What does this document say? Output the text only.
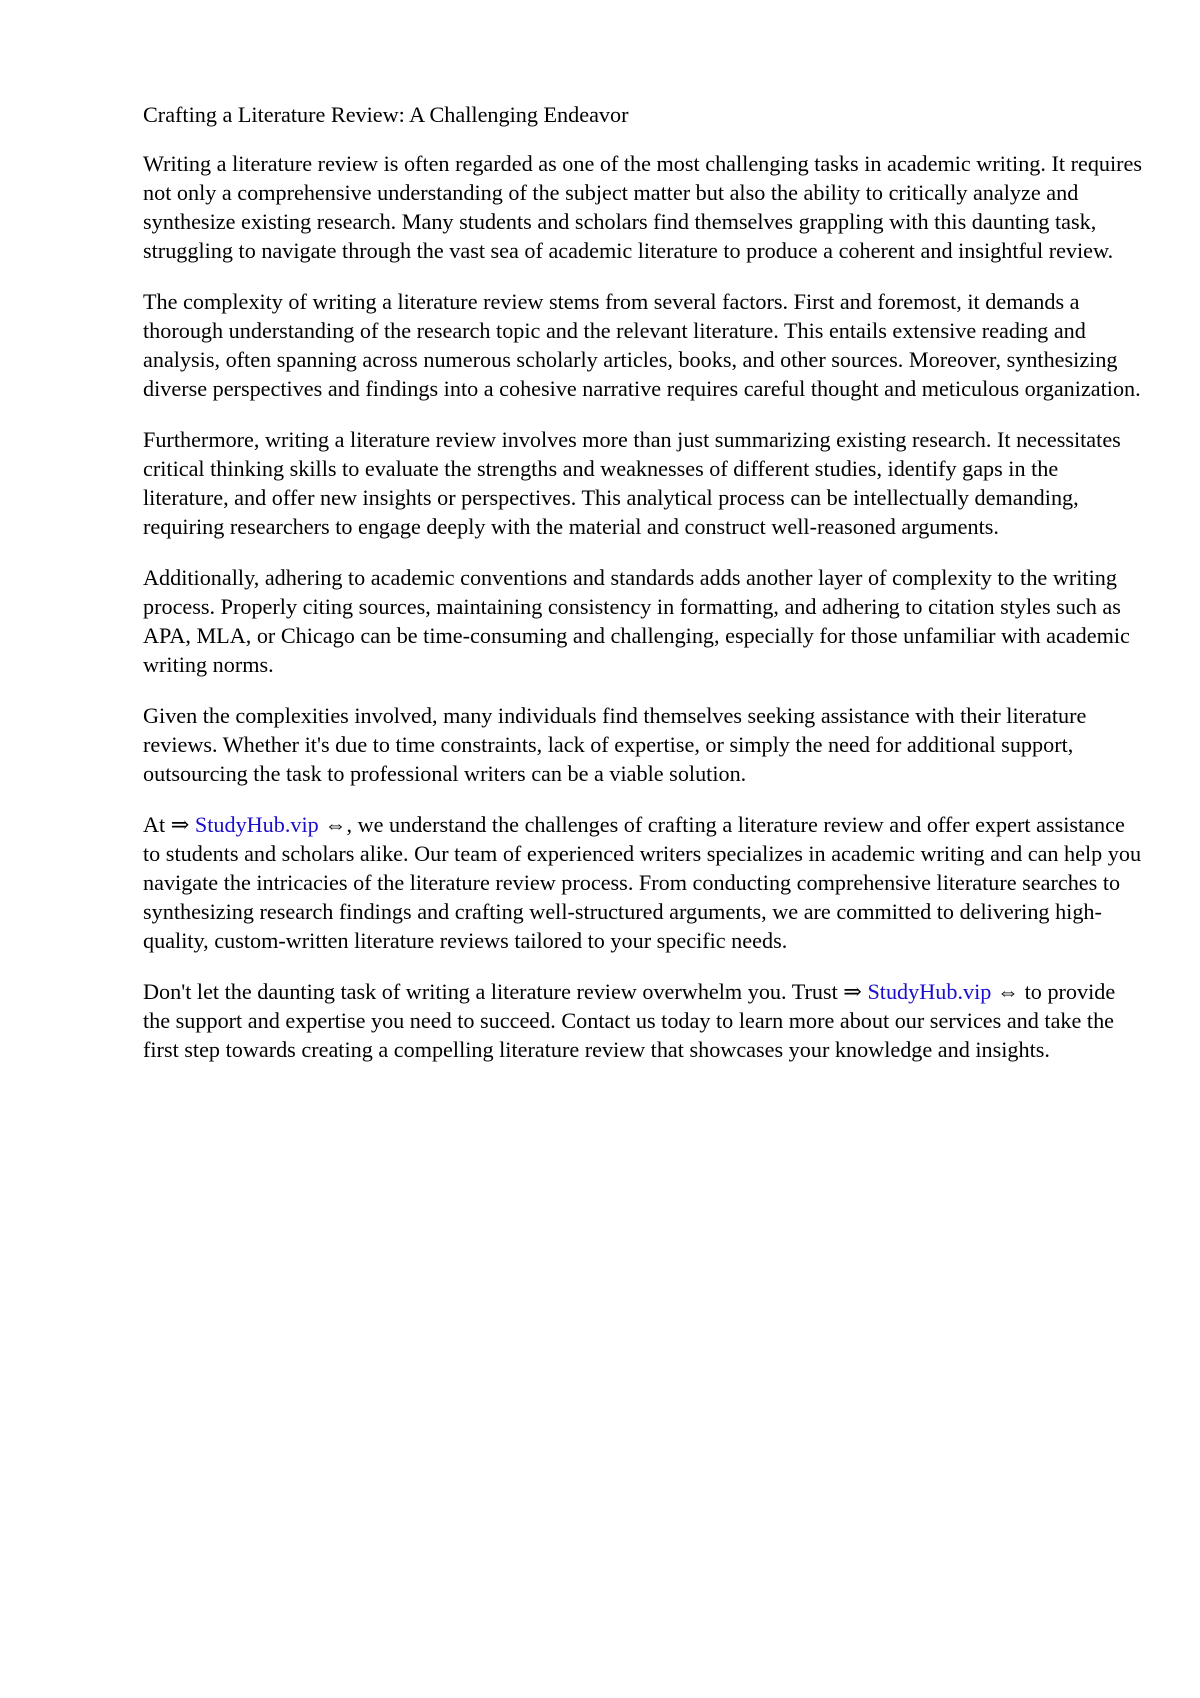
Crafting a Literature Review: A Challenging Endeavor

Writing a literature review is often regarded as one of the most challenging tasks in academic writing. It requires not only a comprehensive understanding of the subject matter but also the ability to critically analyze and synthesize existing research. Many students and scholars find themselves grappling with this daunting task, struggling to navigate through the vast sea of academic literature to produce a coherent and insightful review.

The complexity of writing a literature review stems from several factors. First and foremost, it demands a thorough understanding of the research topic and the relevant literature. This entails extensive reading and analysis, often spanning across numerous scholarly articles, books, and other sources. Moreover, synthesizing diverse perspectives and findings into a cohesive narrative requires careful thought and meticulous organization.

Furthermore, writing a literature review involves more than just summarizing existing research. It necessitates critical thinking skills to evaluate the strengths and weaknesses of different studies, identify gaps in the literature, and offer new insights or perspectives. This analytical process can be intellectually demanding, requiring researchers to engage deeply with the material and construct well-reasoned arguments.

Additionally, adhering to academic conventions and standards adds another layer of complexity to the writing process. Properly citing sources, maintaining consistency in formatting, and adhering to citation styles such as APA, MLA, or Chicago can be time-consuming and challenging, especially for those unfamiliar with academic writing norms.

Given the complexities involved, many individuals find themselves seeking assistance with their literature reviews. Whether it's due to time constraints, lack of expertise, or simply the need for additional support, outsourcing the task to professional writers can be a viable solution.

At ⇒ StudyHub.vip ⇔, we understand the challenges of crafting a literature review and offer expert assistance to students and scholars alike. Our team of experienced writers specializes in academic writing and can help you navigate the intricacies of the literature review process. From conducting comprehensive literature searches to synthesizing research findings and crafting well-structured arguments, we are committed to delivering high-quality, custom-written literature reviews tailored to your specific needs.

Don't let the daunting task of writing a literature review overwhelm you. Trust ⇒ StudyHub.vip ⇔ to provide the support and expertise you need to succeed. Contact us today to learn more about our services and take the first step towards creating a compelling literature review that showcases your knowledge and insights.
